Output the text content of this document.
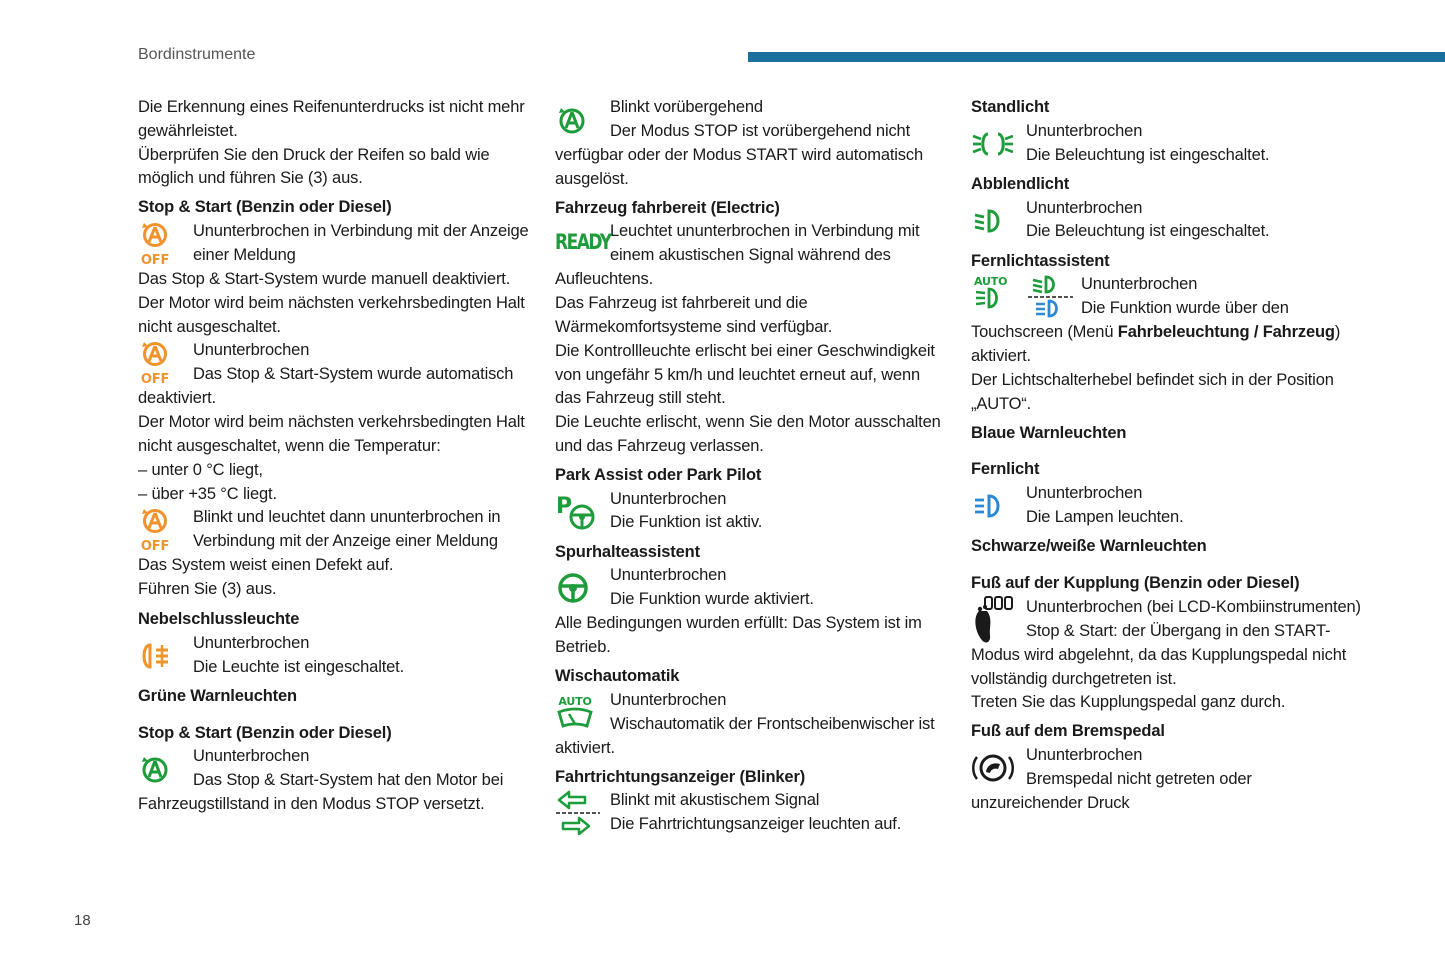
Bordinstrumente
18

Die Erkennung eines Reifenunterdrucks ist nicht mehr gewährleistet.

Überprüfen Sie den Druck der Reifen so bald wie möglich und führen Sie (3) aus.

Stop & Start (Benzin oder Diesel)

OFF

Ununterbrochen in Verbindung mit der Anzeige

einer Meldung

Das Stop & Start-System wurde manuell deaktiviert.

Der Motor wird beim nächsten verkehrsbedingten Halt nicht ausgeschaltet.

OFF

Ununterbrochen

Das Stop & Start-System wurde automatisch

deaktiviert.

Der Motor wird beim nächsten verkehrsbedingten Halt nicht ausgeschaltet, wenn die Temperatur:

– unter 0 °C liegt,

– über +35 °C liegt.

OFF

Blinkt und leuchtet dann ununterbrochen in

Verbindung mit der Anzeige einer Meldung

Das System weist einen Defekt auf.

Führen Sie (3) aus.

Nebelschlussleuchte

Ununterbrochen

Die Leuchte ist eingeschaltet.

Grüne Warnleuchten

Stop & Start (Benzin oder Diesel)

Ununterbrochen

Das Stop & Start-System hat den Motor bei

Fahrzeugstillstand in den Modus STOP versetzt.

Blinkt vorübergehend

Der Modus STOP ist vorübergehend nicht

verfügbar oder der Modus START wird automatisch ausgelöst.

Fahrzeug fahrbereit (Electric)

READY Leuchtet ununterbrochen in Verbindung mit

einem akustischen Signal während des

Aufleuchtens.

Das Fahrzeug ist fahrbereit und die Wärmekomfortsysteme sind verfügbar.

Die Kontrollleuchte erlischt bei einer Geschwindigkeit von ungefähr 5 km/h und leuchtet erneut auf, wenn das Fahrzeug still steht.

Die Leuchte erlischt, wenn Sie den Motor ausschalten und das Fahrzeug verlassen.

Park Assist oder Park Pilot

P Ununterbrochen

Die Funktion ist aktiv.

Spurhalteassistent

Ununterbrochen

Die Funktion wurde aktiviert.

Alle Bedingungen wurden erfüllt: Das System ist im Betrieb.

Wischautomatik

AUTO Ununterbrochen

Wischautomatik der Frontscheibenwischer ist

aktiviert.

Fahrtrichtungsanzeiger (Blinker)

Blinkt mit akustischem Signal

Die Fahrtrichtungsanzeiger leuchten auf.

Standlicht

Ununterbrochen

Die Beleuchtung ist eingeschaltet.

Abblendlicht

Ununterbrochen

Die Beleuchtung ist eingeschaltet.

Fernlichtassistent

AUTO	Ununterbrochen

Die Funktion wurde über den

Touchscreen (Menü Fahrbeleuchtung / Fahrzeug)
aktiviert.

Der Lichtschalterhebel befindet sich in der Position „AUTO“.

Blaue Warnleuchten

Fernlicht

Ununterbrochen

Die Lampen leuchten.

Schwarze/weiße Warnleuchten

Fuß auf der Kupplung (Benzin oder Diesel)

Ununterbrochen (bei LCD-Kombiinstrumenten)

Stop & Start: der Übergang in den START-

Modus wird abgelehnt, da das Kupplungspedal nicht vollständig durchgetreten ist.

Treten Sie das Kupplungspedal ganz durch.

Fuß auf dem Bremspedal

Ununterbrochen

Bremspedal nicht getreten oder

unzureichender Druck
